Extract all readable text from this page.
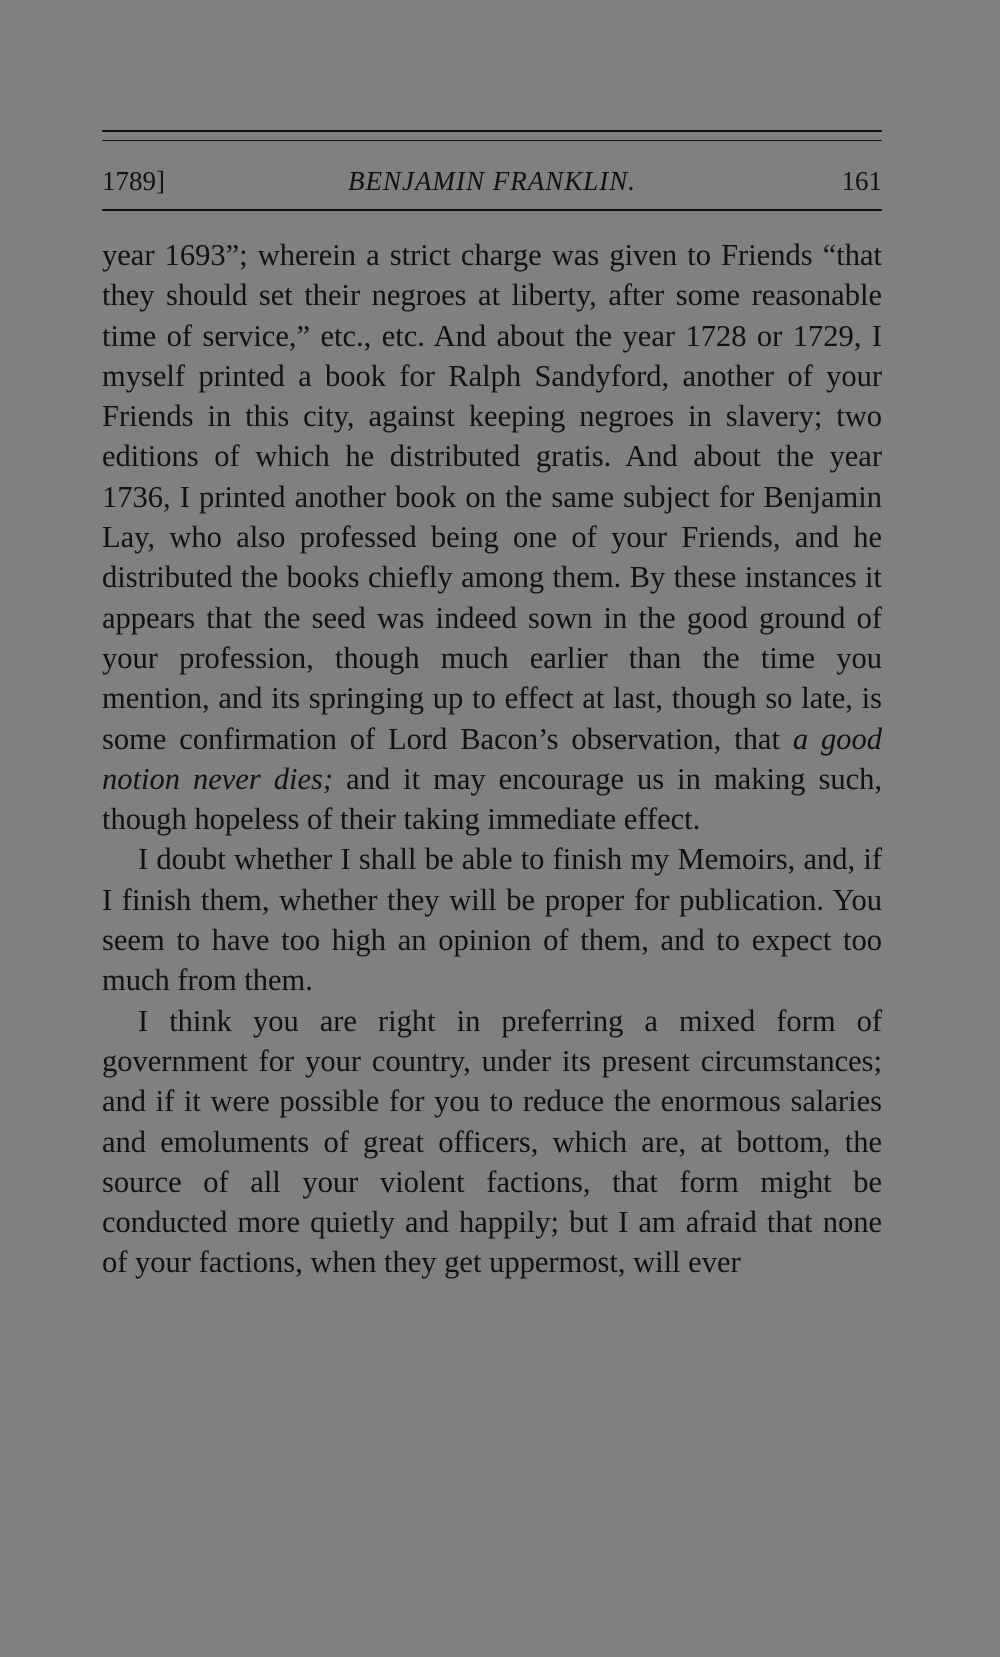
1789]	BENJAMIN FRANKLIN.	161

year 1693”; wherein a strict charge was given to Friends “that they should set their negroes at liberty, after some reasonable time of service,” etc., etc. And about the year 1728 or 1729, I myself printed a book for Ralph Sandyford, another of your Friends in this city, against keeping negroes in slavery; two editions of which he distributed gratis. And about the year 1736, I printed another book on the same subject for Benjamin Lay, who also professed being one of your Friends, and he distributed the books chiefly among them. By these instances it appears that the seed was indeed sown in the good ground of your profession, though much earlier than the time you mention, and its springing up to effect at last, though so late, is some confirmation of Lord Bacon’s observation, that a good notion never dies; and it may encourage us in making such, though hopeless of their taking immediate effect.

I doubt whether I shall be able to finish my Memoirs, and, if I finish them, whether they will be proper for publication. You seem to have too high an opinion of them, and to expect too much from them.

I think you are right in preferring a mixed form of government for your country, under its present circumstances; and if it were possible for you to reduce the enormous salaries and emoluments of great officers, which are, at bottom, the source of all your violent factions, that form might be conducted more quietly and happily; but I am afraid that none of your factions, when they get uppermost, will ever
